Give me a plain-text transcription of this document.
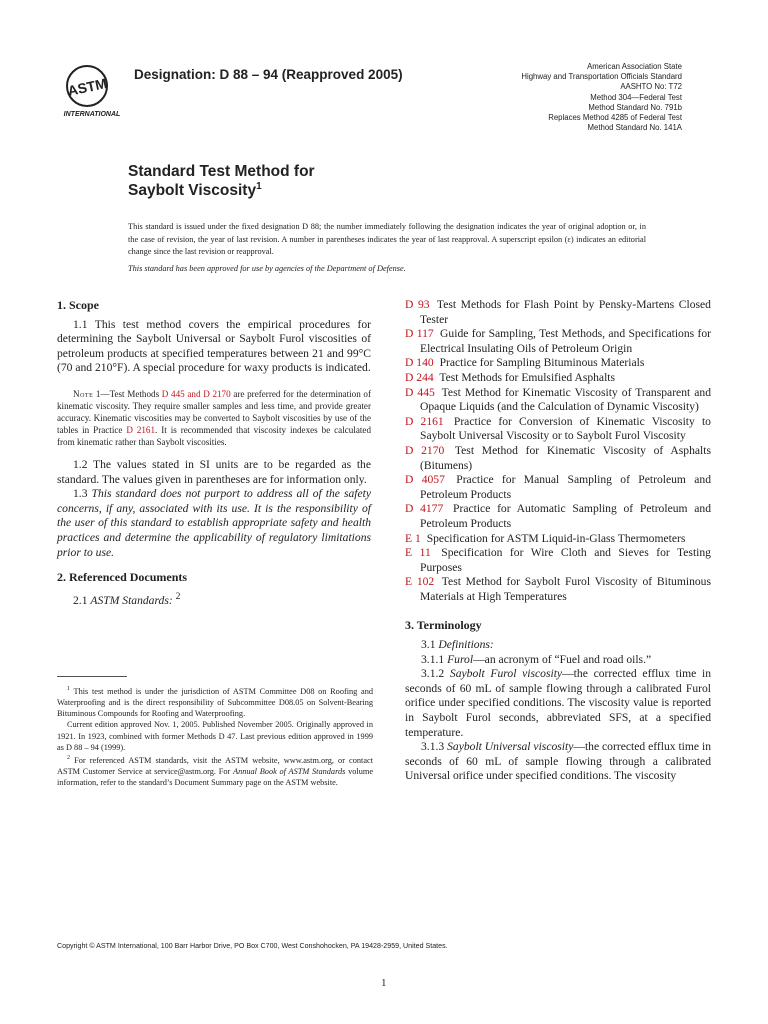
ASTM
INTERNATIONAL
Designation: D 88 – 94 (Reapproved 2005)
American Association State
Highway and Transportation Officials Standard
AASHTO No: T72
Method 304—Federal Test
Method Standard No. 791b
Replaces Method 4285 of Federal Test
Method Standard No. 141A
Standard Test Method for
Saybolt Viscosity$^1$
This standard is issued under the fixed designation D 88; the number immediately following the designation indicates the year of original adoption or, in the case of revision, the year of last revision. A number in parentheses indicates the year of last reapproval. A superscript epsilon (ε) indicates an editorial change since the last revision or reapproval.
This standard has been approved for use by agencies of the Department of Defense.
1. Scope

1.1 This test method covers the empirical procedures for determining the Saybolt Universal or Saybolt Furol viscosities of petroleum products at specified temperatures between 21 and 99°C (70 and 210°F). A special procedure for waxy products is indicated.

Note 1—Test Methods D 445 and D 2170 are preferred for the determination of kinematic viscosity. They require smaller samples and less time, and provide greater accuracy. Kinematic viscosities may be converted to Saybolt viscosities by use of the tables in Practice D 2161. It is recommended that viscosity indexes be calculated from kinematic rather than Saybolt viscosities.

1.2 The values stated in SI units are to be regarded as the standard. The values given in parentheses are for information only.

1.3 This standard does not purport to address all of the safety concerns, if any, associated with its use. It is the responsibility of the user of this standard to establish appropriate safety and health practices and determine the applicability of regulatory limitations prior to use.

2. Referenced Documents

2.1 ASTM Standards: $^2$

D 93 Test Methods for Flash Point by Pensky-Martens Closed Tester

D 117 Guide for Sampling, Test Methods, and Specifications for Electrical Insulating Oils of Petroleum Origin

D 140 Practice for Sampling Bituminous Materials

D 244 Test Methods for Emulsified Asphalts

D 445 Test Method for Kinematic Viscosity of Transparent and Opaque Liquids (and the Calculation of Dynamic Viscosity)

D 2161 Practice for Conversion of Kinematic Viscosity to Saybolt Universal Viscosity or to Saybolt Furol Viscosity

D 2170 Test Method for Kinematic Viscosity of Asphalts (Bitumens)

D 4057 Practice for Manual Sampling of Petroleum and Petroleum Products

D 4177 Practice for Automatic Sampling of Petroleum and Petroleum Products

E 1 Specification for ASTM Liquid-in-Glass Thermometers

E 11 Specification for Wire Cloth and Sieves for Testing Purposes

E 102 Test Method for Saybolt Furol Viscosity of Bituminous Materials at High Temperatures

3. Terminology

3.1 Definitions:

3.1.1 Furol—an acronym of “Fuel and road oils.”

3.1.2 Saybolt Furol viscosity—the corrected efflux time in seconds of 60 mL of sample flowing through a calibrated Furol orifice under specified conditions. The viscosity value is reported in Saybolt Furol seconds, abbreviated SFS, at a specified temperature.

3.1.3 Saybolt Universal viscosity—the corrected efflux time in seconds of 60 mL of sample flowing through a calibrated Universal orifice under specified conditions. The viscosity

$^1$ This test method is under the jurisdiction of ASTM Committee D08 on Roofing and Waterproofing and is the direct responsibility of Subcommittee D08.05 on Solvent-Bearing Bituminous Compounds for Roofing and Waterproofing.

Current edition approved Nov. 1, 2005. Published November 2005. Originally approved in 1921. In 1923, combined with former Methods D 47. Last previous edition approved in 1999 as D 88 – 94 (1999).

$^2$ For referenced ASTM standards, visit the ASTM website, www.astm.org, or contact ASTM Customer Service at service@astm.org. For Annual Book of ASTM Standards volume information, refer to the standard’s Document Summary page on the ASTM website.

Copyright © ASTM International, 100 Barr Harbor Drive, PO Box C700, West Conshohocken, PA 19428-2959, United States.
1
